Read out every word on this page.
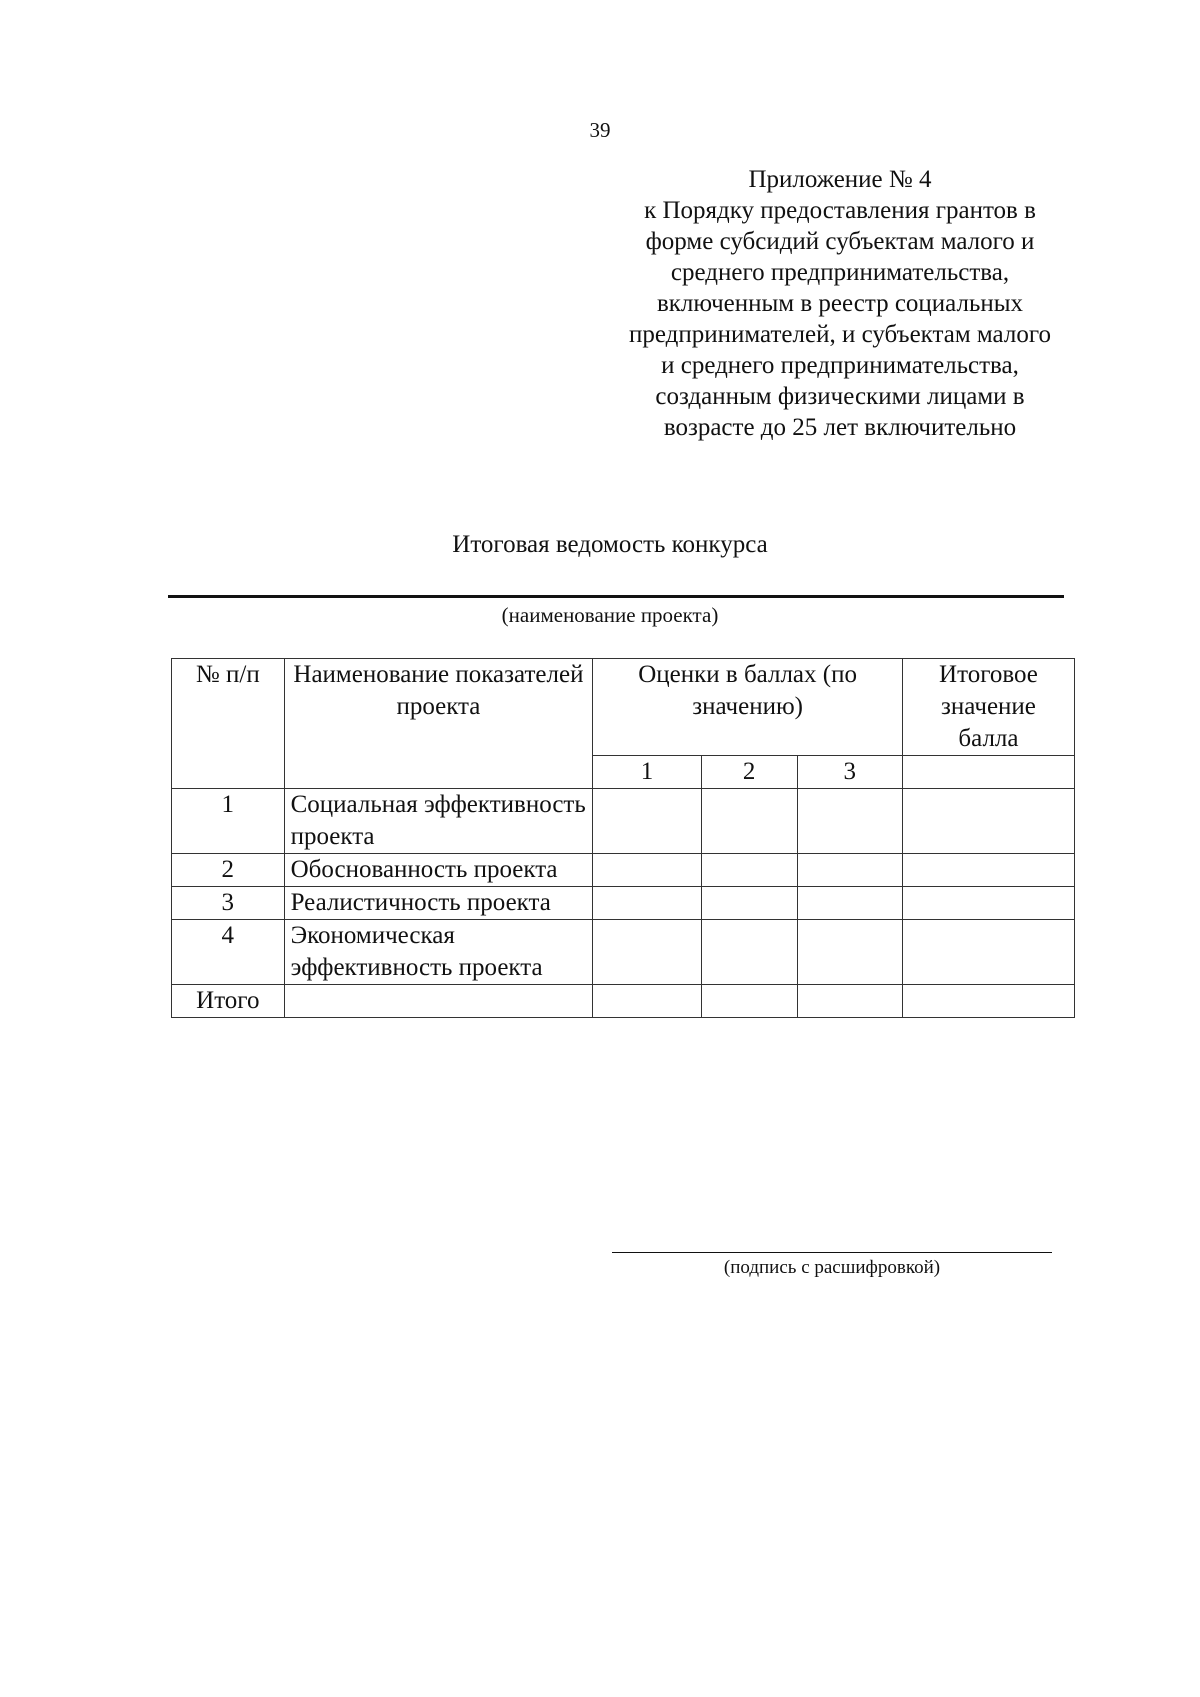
39
Приложение № 4
к Порядку предоставления грантов в
форме субсидий субъектам малого и
среднего предпринимательства,
включенным в реестр социальных
предпринимателей, и субъектам малого
и среднего предпринимательства,
созданным физическими лицами в
возрасте до 25 лет включительно
Итоговая ведомость конкурса
(наименование проекта)
№ п/п	Наименование показателей проекта	Оценки в баллах (по значению)			Итоговое значение балла
		1	2	3	
1	Социальная эффективность проекта				
2	Обоснованность проекта				
3	Реалистичность проекта				
4	Экономическая эффективность проекта				
Итого					
(подпись с расшифровкой)
